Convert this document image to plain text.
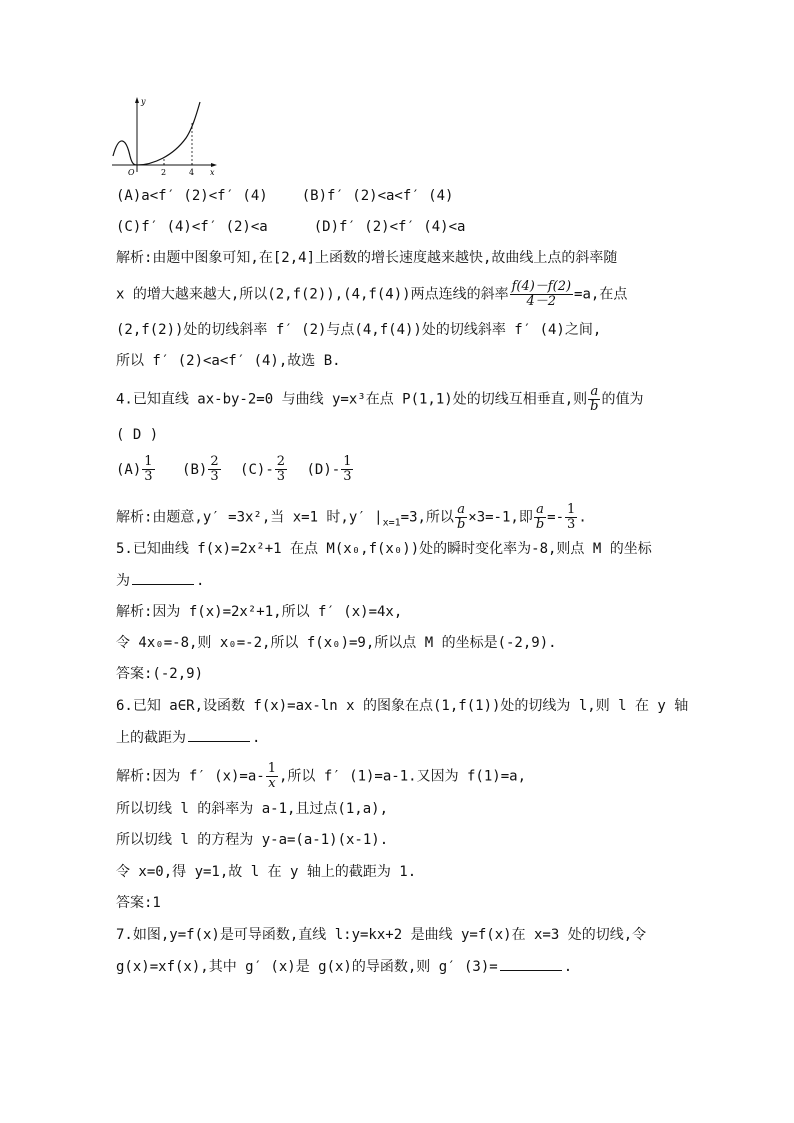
y
x
O	2	4
(A)a<f′ (2)<f′ (4) (B)f′ (2)<a<f′ (4)
(C)f′ (4)<f′ (2)<a	(D)f′ (2)<f′ (4)<a
解析:由题中图象可知,在[2,4]上函数的增长速度越来越快,故曲线上点的斜率随
x 的增大越来越大,所以(2,f(2)),(4,f(4))两点连线的斜率 $\frac{f(4)-f(2)}{4-2} =a$,在点
(2,f(2))处的切线斜率 f′ (2)与点(4,f(4))处的切线斜率 f′ (4)之间,
所以 f′ (2)<a<f′ (4),故选 B.
4.已知直线 ax-by-2=0 与曲线 y=x³在点 P(1,1)处的切线互相垂直,则 $\frac{a}{b}$ 的值为
( D )
$(A) \frac{1}{3} (B) \frac{2}{3} (C)- \frac{2}{3} (D)- \frac{1}{3}$
解析:由题意,y′ =3x²,当 x=1 时,y′ $|_{x=1}=3$,所以 $\frac{a}{b} \times 3=-1$,即 $\frac{a}{b} =- \frac{1}{3}$ .
5.已知曲线 f(x)=2x²+1 在点 M(x₀,f(x₀))处的瞬时变化率为-8,则点 M 的坐标
为	.
解析:因为 f(x)=2x²+1,所以 f′ (x)=4x,
令 4x₀=-8,则 x₀=-2,所以 f(x₀)=9,所以点 M 的坐标是(-2,9).
答案:(-2,9)
6.已知 a∈R,设函数 f(x)=ax-ln x 的图象在点(1,f(1))处的切线为 l,则 l 在 y 轴
上的截距为	.
解析:因为 f′ $(x)=a- \frac{1}{x}$ ,所以 f′ (1)=a-1.又因为 f(1)=a,
所以切线 l 的斜率为 a-1,且过点(1,a),
所以切线 l 的方程为 y-a=(a-1)(x-1).
令 x=0,得 y=1,故 l 在 y 轴上的截距为 1.
答案:1
7.如图,y=f(x)是可导函数,直线 l:y=kx+2 是曲线 y=f(x)在 x=3 处的切线,令
g(x)=xf(x),其中 g′ (x)是 g(x)的导函数,则 g′ (3)=	.
